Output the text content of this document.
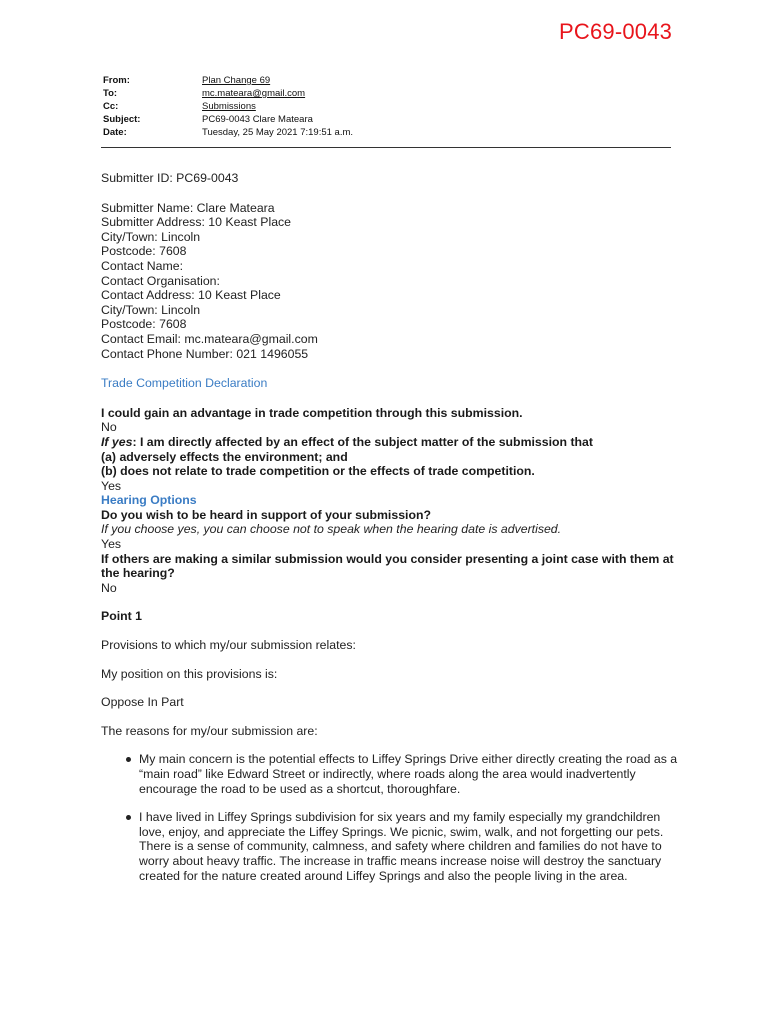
PC69-0043
From:	Plan Change 69
To:	mc.mateara@gmail.com
Cc:	Submissions
Subject:	PC69-0043 Clare Mateara
Date:	Tuesday, 25 May 2021 7:19:51 a.m.

Submitter ID: PC69-0043

Submitter Name: Clare Mateara

Submitter Address: 10 Keast Place

City/Town: Lincoln

Postcode: 7608

Contact Name:

Contact Organisation:

Contact Address: 10 Keast Place

City/Town: Lincoln

Postcode: 7608

Contact Email: mc.mateara@gmail.com

Contact Phone Number: 021 1496055

Trade Competition Declaration

I could gain an advantage in trade competition through this submission.

No

If yes: I am directly affected by an effect of the subject matter of the submission that

(a) adversely effects the environment; and

(b) does not relate to trade competition or the effects of trade competition.

Yes

Hearing Options

Do you wish to be heard in support of your submission?

If you choose yes, you can choose not to speak when the hearing date is advertised.

Yes

If others are making a similar submission would you consider presenting a joint case with them at the hearing?

No

Point 1

Provisions to which my/our submission relates:

My position on this provisions is:

Oppose In Part

The reasons for my/our submission are:

My main concern is the potential effects to Liffey Springs Drive either directly creating the road as a “main road” like Edward Street or indirectly, where roads along the area would inadvertently encourage the road to be used as a shortcut, thoroughfare.
I have lived in Liffey Springs subdivision for six years and my family especially my grandchildren love, enjoy, and appreciate the Liffey Springs. We picnic, swim, walk, and not forgetting our pets. There is a sense of community, calmness, and safety where children and families do not have to worry about heavy traffic. The increase in traffic means increase noise will destroy the sanctuary created for the nature created around Liffey Springs and also the people living in the area.
